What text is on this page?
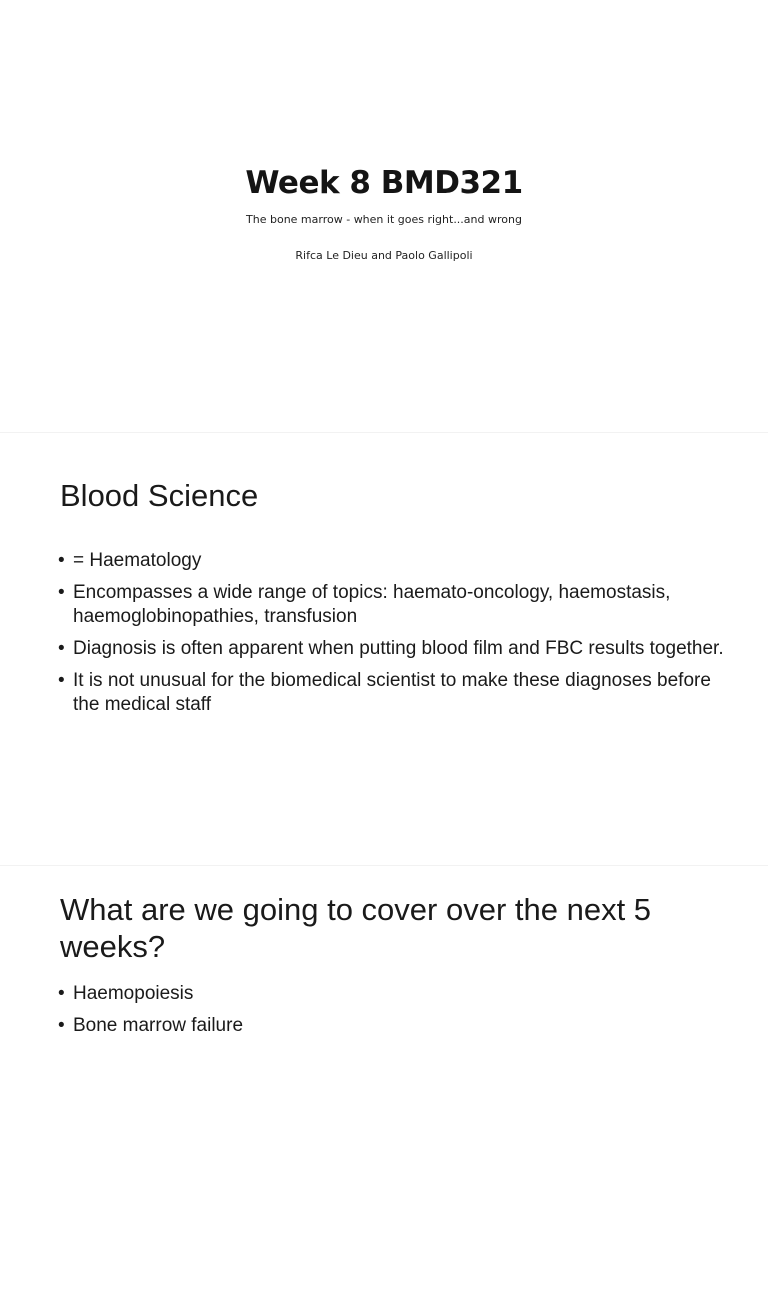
Week 8 BMD321
The bone marrow - when it goes right...and wrong
Rifca Le Dieu and Paolo Gallipoli
Blood Science
• = Haematology
• Encompasses a wide range of topics: haemato-oncology, haemostasis, haemoglobinopathies, transfusion
• Diagnosis is often apparent when putting blood film and FBC results together.
• It is not unusual for the biomedical scientist to make these diagnoses before the medical staff
What are we going to cover over the next 5 weeks?
• Haemopoiesis
• Bone marrow failure
